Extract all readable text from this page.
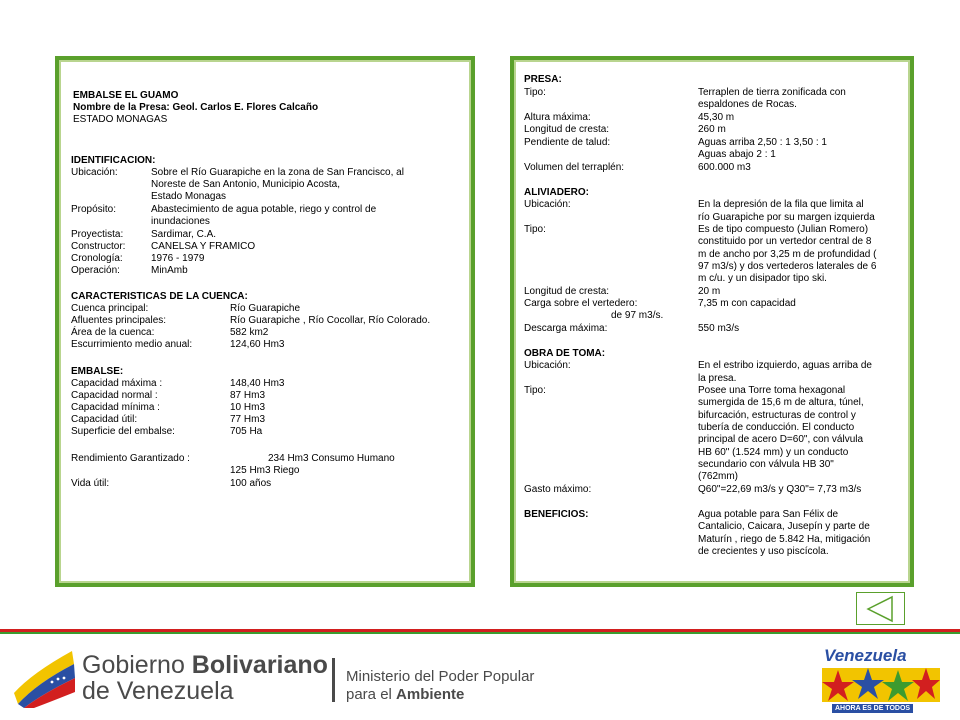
EMBALSE EL GUAMO
Nombre de la Presa: Geol. Carlos E. Flores Calcaño
ESTADO MONAGAS
IDENTIFICACION:
Ubicación:	Sobre el Río Guarapiche en la zona de San Francisco, al
Noreste de San Antonio, Municipio Acosta,
Estado Monagas
Propósito:	Abastecimiento de agua potable, riego y control de
inundaciones
Proyectista:	Sardimar, C.A.
Constructor:	CANELSA Y FRAMICO
Cronología:	1976 - 1979
Operación:	MinAmb
CARACTERISTICAS DE LA CUENCA:
Cuenca principal:	Río Guarapiche
Afluentes principales:	Río Guarapiche , Río Cocollar, Río Colorado.
Área de la cuenca:	582 km2
Escurrimiento medio anual:	124,60 Hm3
EMBALSE:
Capacidad máxima :	148,40 Hm3
Capacidad normal :	87 Hm3
Capacidad mínima :	10 Hm3
Capacidad útil:	77 Hm3
Superficie del embalse:	705 Ha
Rendimiento Garantizado :	234 Hm3 Consumo Humano
125 Hm3 Riego
Vida útil:	100 años
PRESA:
Tipo:	Terraplen de tierra zonificada con
espaldones de Rocas.
Altura máxima:	45,30 m
Longitud de cresta:	260 m
Pendiente de talud:	Aguas arriba 2,50 : 1 3,50 : 1
Aguas abajo 2 : 1
Volumen del terraplén:	600.000 m3
ALIVIADERO:
Ubicación:	En la depresión de la fila que limita al
río Guarapiche por su margen izquierda
Tipo:	Es de tipo compuesto (Julian Romero)
constituido por un vertedor central de 8
m de ancho por 3,25 m de profundidad (
97 m3/s) y dos vertederos laterales de 6
m c/u. y un disipador tipo ski.
Longitud de cresta:	20 m
Carga sobre el vertedero:	7,35 m con capacidad
de 97 m3/s.
Descarga máxima:	550 m3/s
OBRA DE TOMA:
Ubicación:	En el estribo izquierdo, aguas arriba de
la presa.
Tipo:	Posee una Torre toma hexagonal
sumergida de 15,6 m de altura, túnel,
bifurcación, estructuras de control y
tubería de conducción. El conducto
principal de acero D=60", con válvula
HB 60" (1.524 mm) y un conducto
secundario con válvula HB 30"
(762mm)
Gasto máximo:	Q60"=22,69 m3/s y Q30"= 7,73 m3/s
BENEFICIOS:	Agua potable para San Félix de
Cantalicio, Caicara, Jusepín y parte de
Maturín , riego de 5.842 Ha, mitigación
de crecientes y uso piscícola.
Gobierno Bolivariano
de Venezuela
Ministerio del Poder Popular
para el Ambiente
Venezuela
AHORA ES DE TODOS
